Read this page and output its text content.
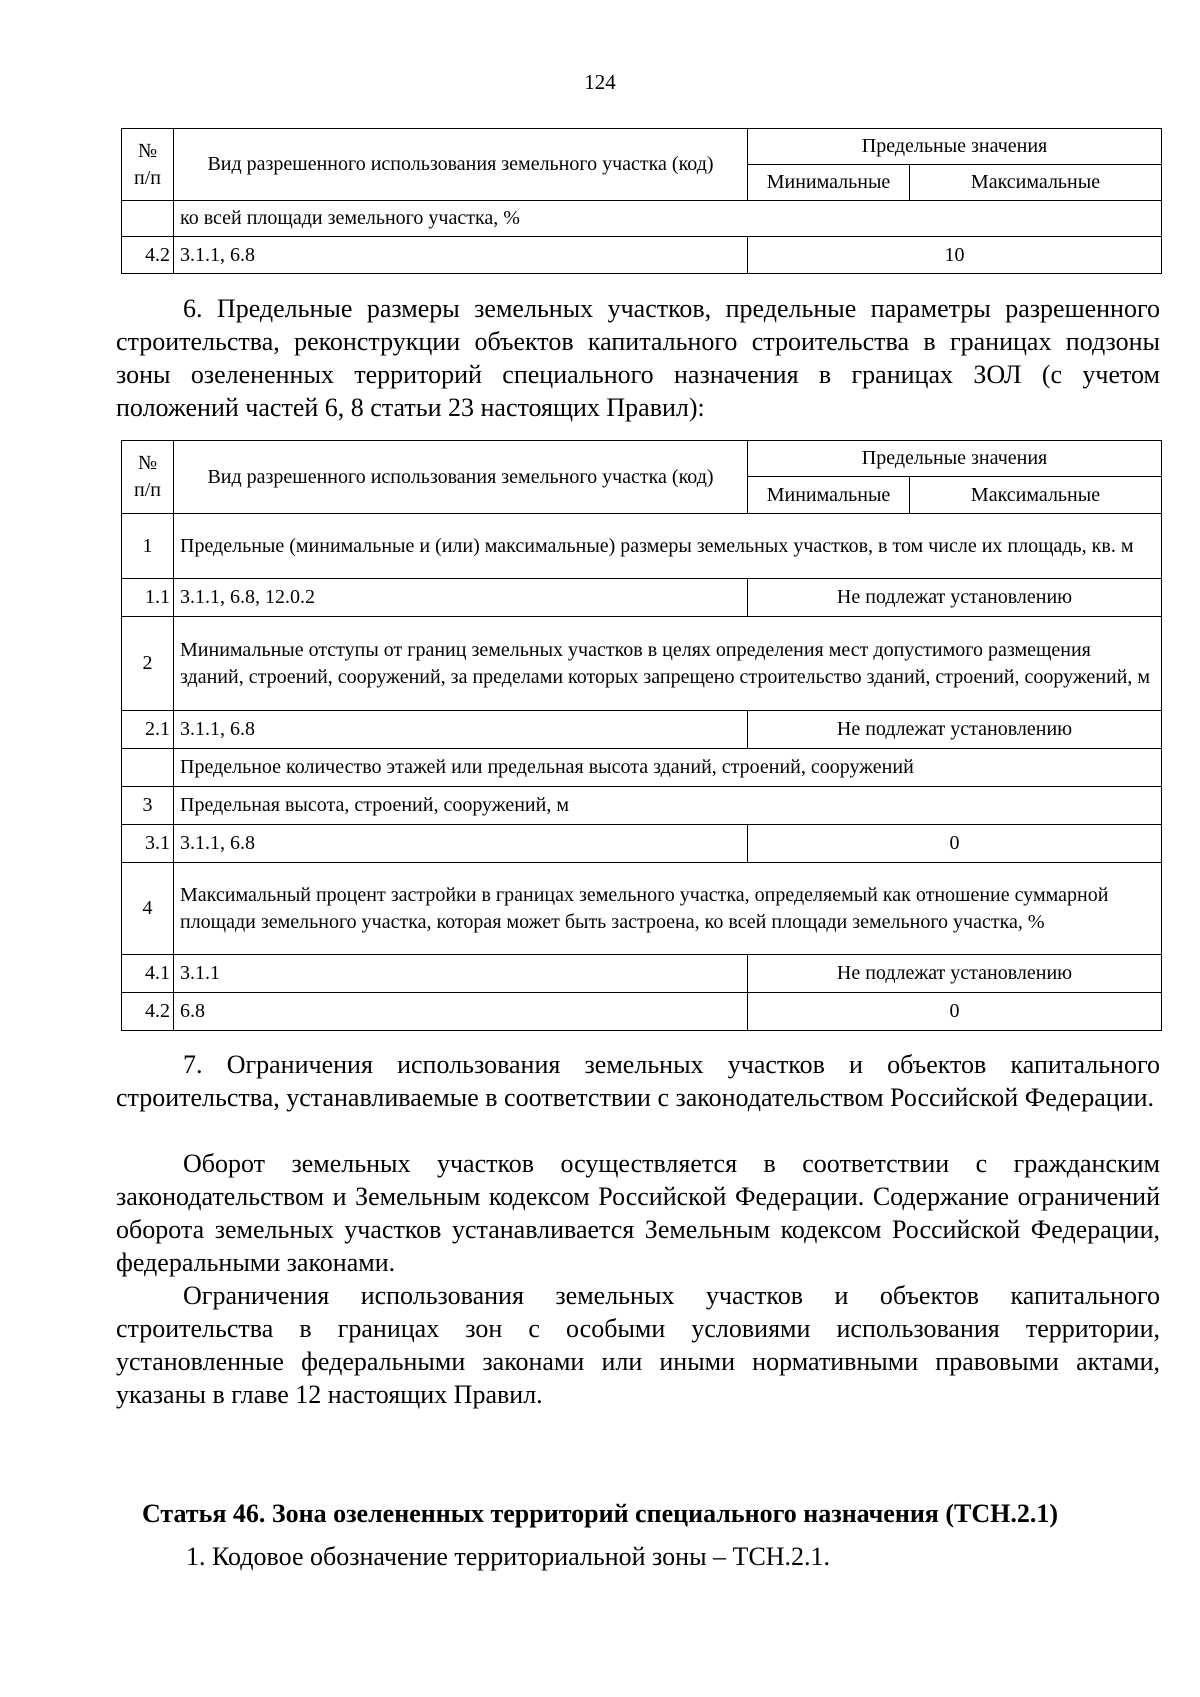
124
№ п/п	Вид разрешенного использования земельного участка (код)	Предельные значения	
		Минимальные	Максимальные
	ко всей площади земельного участка, %		
4.2	3.1.1, 6.8	10	

6. Предельные размеры земельных участков, предельные параметры разрешенного строительства, реконструкции объектов капитального строительства в границах подзоны зоны озелененных территорий специального назначения в границах ЗОЛ (с учетом положений частей 6, 8 статьи 23 настоящих Правил):

№ п/п	Вид разрешенного использования земельного участка (код)	Предельные значения	
		Минимальные	Максимальные
1	Предельные (минимальные и (или) максимальные) размеры земельных участков, в том числе их площадь, кв. м		
1.1	3.1.1, 6.8, 12.0.2	Не подлежат установлению	
2	Минимальные отступы от границ земельных участков в целях определения мест допустимого размещения зданий, строений, сооружений, за пределами которых запрещено строительство зданий, строений, сооружений, м		
2.1	3.1.1, 6.8	Не подлежат установлению	
	Предельное количество этажей или предельная высота зданий, строений, сооружений		
3	Предельная высота, строений, сооружений, м		
3.1	3.1.1, 6.8	0	
4	Максимальный процент застройки в границах земельного участка, определяемый как отношение суммарной площади земельного участка, которая может быть застроена, ко всей площади земельного участка, %		
4.1	3.1.1	Не подлежат установлению	
4.2	6.8	0	

7. Ограничения использования земельных участков и объектов капитального строительства, устанавливаемые в соответствии с законодательством Российской Федерации.

Оборот земельных участков осуществляется в соответствии с гражданским законодательством и Земельным кодексом Российской Федерации. Содержание ограничений оборота земельных участков устанавливается Земельным кодексом Российской Федерации, федеральными законами.

Ограничения использования земельных участков и объектов капитального строительства в границах зон с особыми условиями использования территории, установленные федеральными законами или иными нормативными правовыми актами, указаны в главе 12 настоящих Правил.

Статья 46. Зона озелененных территорий специального назначения (ТСН.2.1)

1. Кодовое обозначение территориальной зоны – ТСН.2.1.
